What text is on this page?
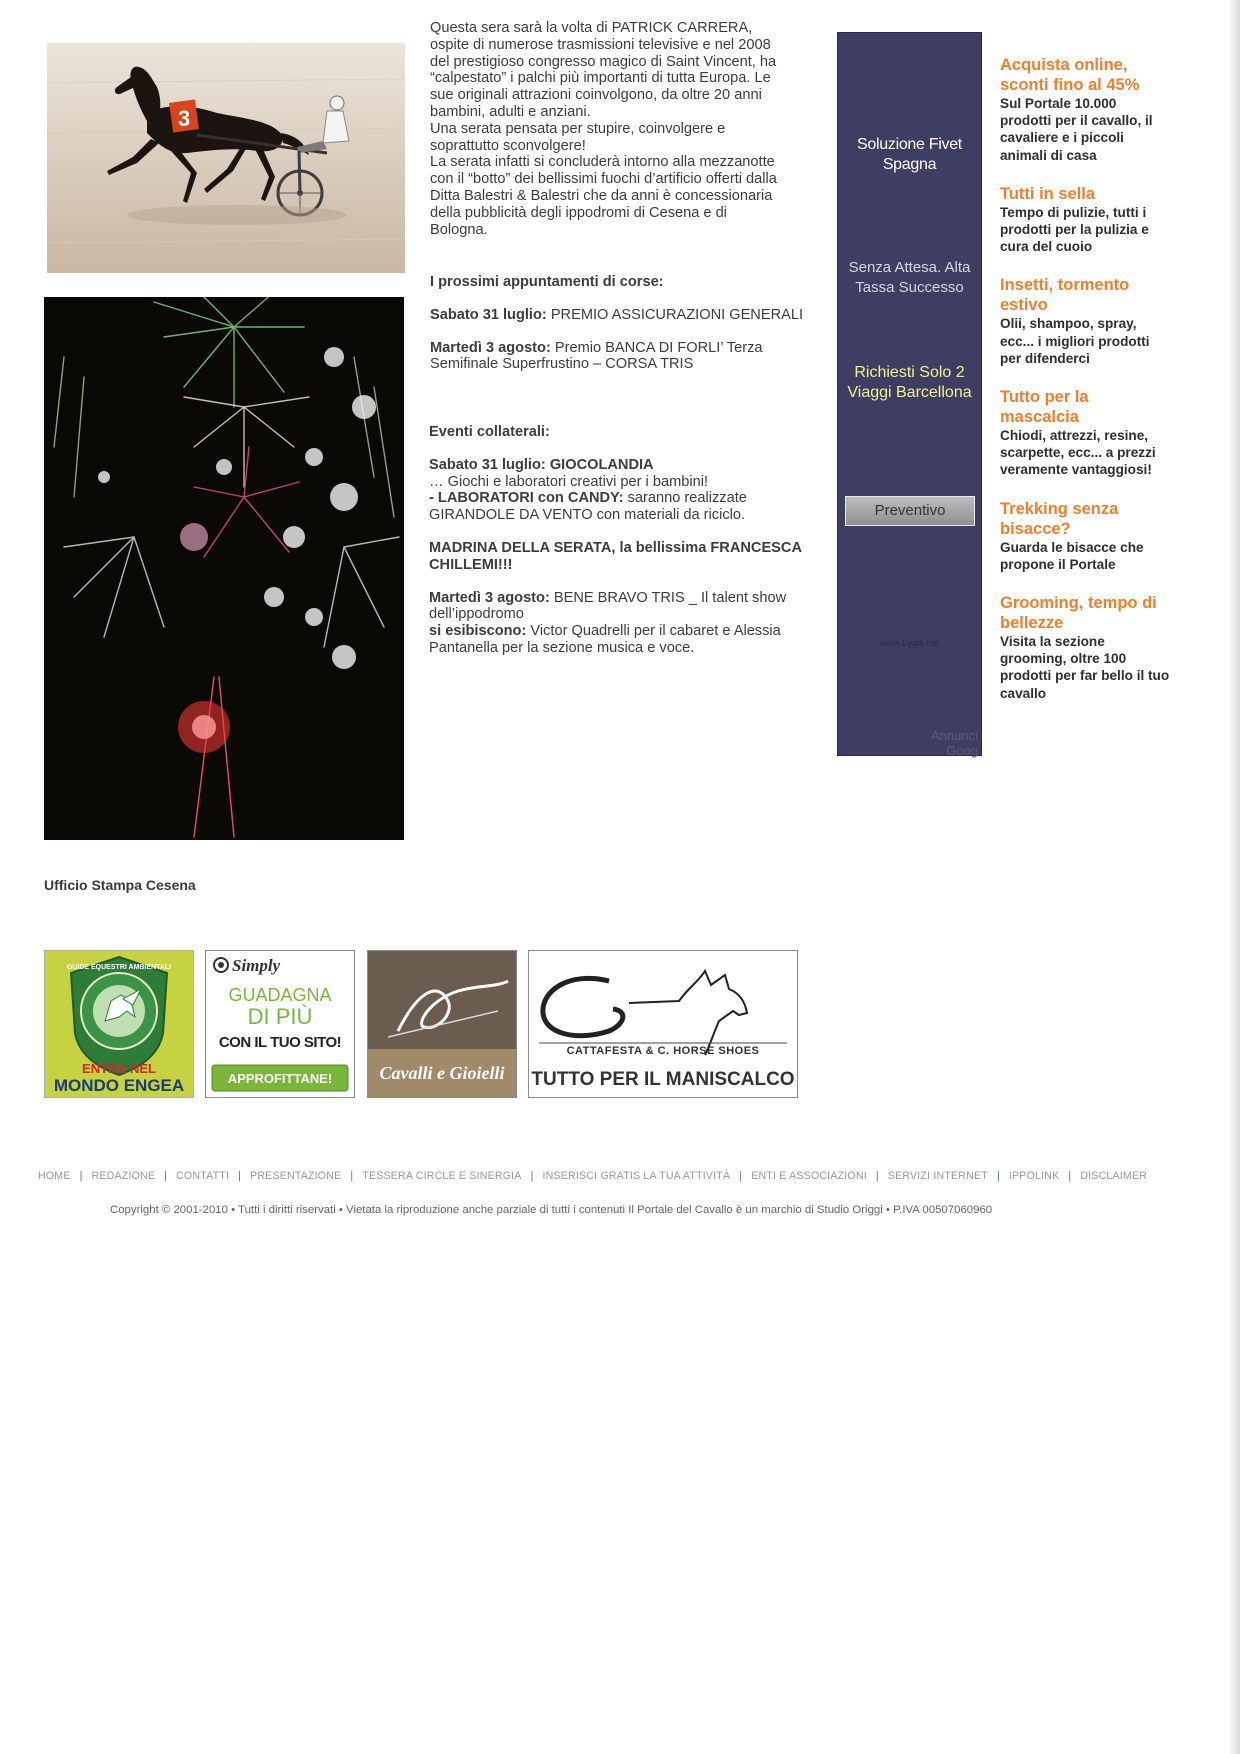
3
Questa sera sarà la volta di PATRICK CARRERA,
ospite di numerose trasmissioni televisive e nel 2008
del prestigioso congresso magico di Saint Vincent, ha
“calpestato” i palchi più importanti di tutta Europa. Le
sue originali attrazioni coinvolgono, da oltre 20 anni
bambini, adulti e anziani.
Una serata pensata per stupire, coinvolgere e
soprattutto sconvolgere!
La serata infatti si concluderà intorno alla mezzanotte
con il “botto” dei bellissimi fuochi d’artificio offerti dalla
Ditta Balestri & Balestri che da anni è concessionaria
della pubblicità degli ippodromi di Cesena e di
Bologna.

I prossimi appuntamenti di corse:

Sabato 31 luglio: PREMIO ASSICURAZIONI GENERALI

Martedì 3 agosto: Premio BANCA DI FORLI’ Terza Semifinale Superfrustino – CORSA TRIS

Eventi collaterali:

Sabato 31 luglio: GIOCOLANDIA

… Giochi e laboratori creativi per i bambini!

- LABORATORI con CANDY: saranno realizzate GIRANDOLE DA VENTO con materiali da riciclo.

MADRINA DELLA SERATA, la bellissima FRANCESCA CHILLEMI!!!

Martedì 3 agosto: BENE BRAVO TRIS _ Il talent show dell’ippodromo

si esibiscono: Victor Quadrelli per il cabaret e Alessia Pantanella per la sezione musica e voce.

Soluzione Fivet Spagna
Senza Attesa. Alta Tassa Successo
Richiesti Solo 2 Viaggi Barcellona
Preventivo
iwiwi Eygilt bat
Annunci Goog
Acquista online, sconti fino al 45%
Sul Portale 10.000 prodotti per il cavallo, il cavaliere e i piccoli animali di casa
Tutti in sella
Tempo di pulizie, tutti i prodotti per la pulizia e cura del cuoio
Insetti, tormento estivo
Olii, shampoo, spray, ecc... i migliori prodotti per difenderci
Tutto per la mascalcia
Chiodi, attrezzi, resine, scarpette, ecc... a prezzi veramente vantaggiosi!
Trekking senza bisacce?
Guarda le bisacce che propone il Portale
Grooming, tempo di bellezze
Visita la sezione grooming, oltre 100 prodotti per far bello il tuo cavallo
Ufficio Stampa Cesena
GUIDE EQUESTRI AMBIENTALI
ENTRA NEL
MONDO ENGEA
Simply
GUADAGNA
DI PIÙ
CON IL TUO SITO!
APPROFITTANE!	Cavalli e Gioielli
CATTAFESTA & C. HORSE SHOES
TUTTO PER IL MANISCALCO
HOME | REDAZIONE | CONTATTI | PRESENTAZIONE | TESSERA CIRCLE E SINERGIA | INSERISCI GRATIS LA TUA ATTIVITÀ | ENTI E ASSOCIAZIONI | SERVIZI INTERNET | IPPOLINK | DISCLAIMER
Copyright © 2001-2010 • Tutti i diritti riservati • Vietata la riproduzione anche parziale di tutti i contenuti Il Portale del Cavallo è un marchio di Studio Origgi • P.IVA 00507060960
